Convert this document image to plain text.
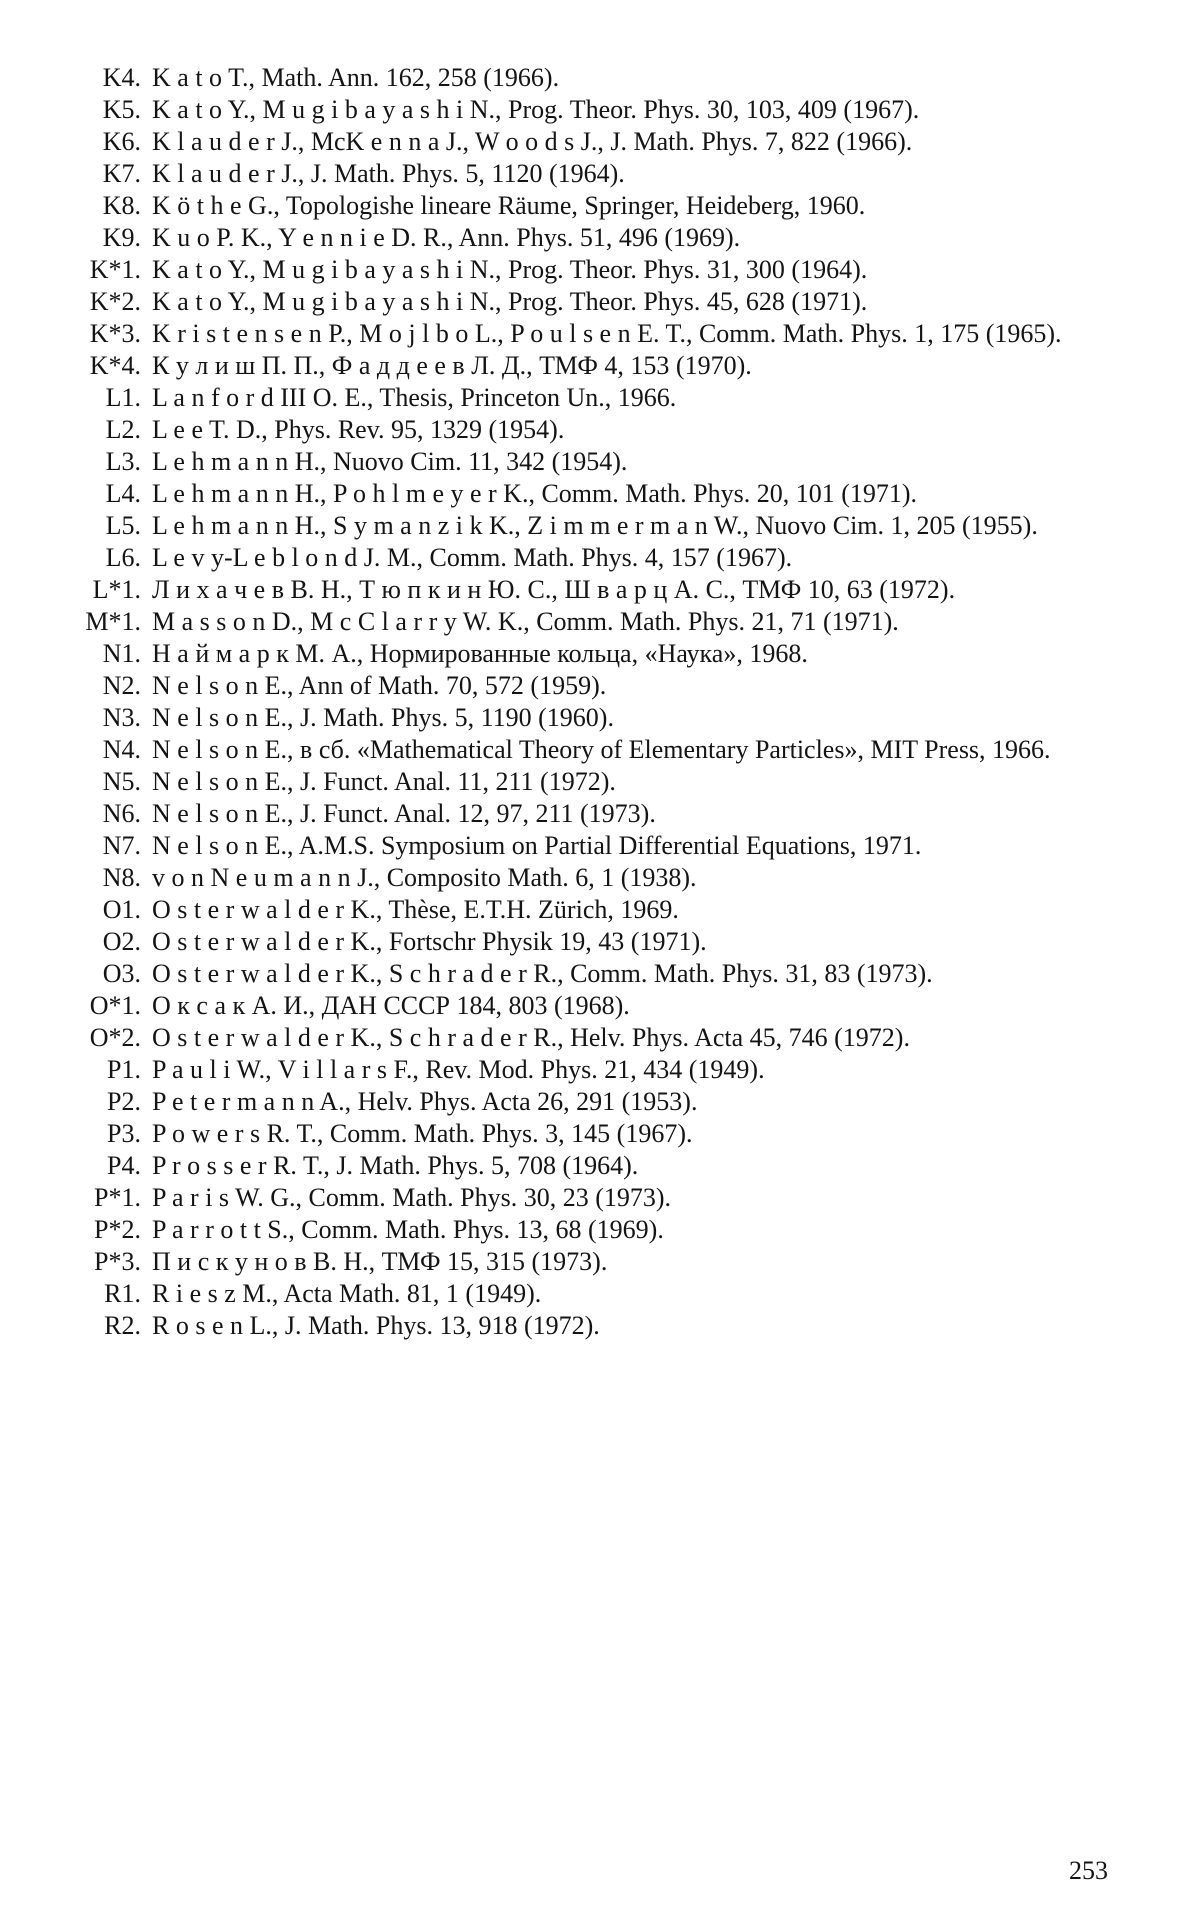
K4. K a t o T., Math. Ann. 162, 258 (1966).
K5. K a t o Y., M u g i b a y a s h i N., Prog. Theor. Phys. 30, 103, 409 (1967).
K6. K l a u d e r J., McK e n n a J., W o o d s J., J. Math. Phys. 7, 822 (1966).
K7. K l a u d e r J., J. Math. Phys. 5, 1120 (1964).
K8. K ö t h e G., Topologishe lineare Räume, Springer, Heideberg, 1960.
K9. K u o P. K., Y e n n i e D. R., Ann. Phys. 51, 496 (1969).
K*1. K a t o Y., M u g i b a y a s h i N., Prog. Theor. Phys. 31, 300 (1964).
K*2. K a t o Y., M u g i b a y a s h i N., Prog. Theor. Phys. 45, 628 (1971).
K*3. K r i s t e n s e n P., M o j l b o L., P o u l s e n E. T., Comm. Math. Phys. 1, 175 (1965).
K*4. К у л и ш П. П., Ф а д д е е в Л. Д., ТМФ 4, 153 (1970).
L1. L a n f o r d III O. E., Thesis, Princeton Un., 1966.
L2. L e e T. D., Phys. Rev. 95, 1329 (1954).
L3. L e h m a n n H., Nuovo Cim. 11, 342 (1954).
L4. L e h m a n n H., P o h l m e y e r K., Comm. Math. Phys. 20, 101 (1971).
L5. L e h m a n n H., S y m a n z i k K., Z i m m e r m a n W., Nuovo Cim. 1, 205 (1955).
L6. L e v y-L e b l o n d J. M., Comm. Math. Phys. 4, 157 (1967).
L*1. Л и х а ч е в В. Н., Т ю п к и н Ю. С., Ш в а р ц А. С., ТМФ 10, 63 (1972).
M*1. M a s s o n D., M c C l a r r y W. K., Comm. Math. Phys. 21, 71 (1971).
N1. Н а й м а р к М. А., Нормированные кольца, «Наука», 1968.
N2. N e l s o n E., Ann of Math. 70, 572 (1959).
N3. N e l s o n E., J. Math. Phys. 5, 1190 (1960).
N4. N e l s o n E., в сб. «Mathematical Theory of Elementary Particles», MIT Press, 1966.
N5. N e l s o n E., J. Funct. Anal. 11, 211 (1972).
N6. N e l s o n E., J. Funct. Anal. 12, 97, 211 (1973).
N7. N e l s o n E., A.M.S. Symposium on Partial Differential Equations, 1971.
N8. v o n N e u m a n n J., Composito Math. 6, 1 (1938).
O1. O s t e r w a l d e r K., Thèse, E.T.H. Zürich, 1969.
O2. O s t e r w a l d e r K., Fortschr Physik 19, 43 (1971).
O3. O s t e r w a l d e r K., S c h r a d e r R., Comm. Math. Phys. 31, 83 (1973).
O*1. О к с а к А. И., ДАН СССР 184, 803 (1968).
O*2. O s t e r w a l d e r K., S c h r a d e r R., Helv. Phys. Acta 45, 746 (1972).
P1. P a u l i W., V i l l a r s F., Rev. Mod. Phys. 21, 434 (1949).
P2. P e t e r m a n n A., Helv. Phys. Acta 26, 291 (1953).
P3. P o w e r s R. T., Comm. Math. Phys. 3, 145 (1967).
P4. P r o s s e r R. T., J. Math. Phys. 5, 708 (1964).
P*1. P a r i s W. G., Comm. Math. Phys. 30, 23 (1973).
P*2. P a r r o t t S., Comm. Math. Phys. 13, 68 (1969).
P*3. П и с к у н о в В. Н., ТМФ 15, 315 (1973).
R1. R i e s z M., Acta Math. 81, 1 (1949).
R2. R o s e n L., J. Math. Phys. 13, 918 (1972).
253
